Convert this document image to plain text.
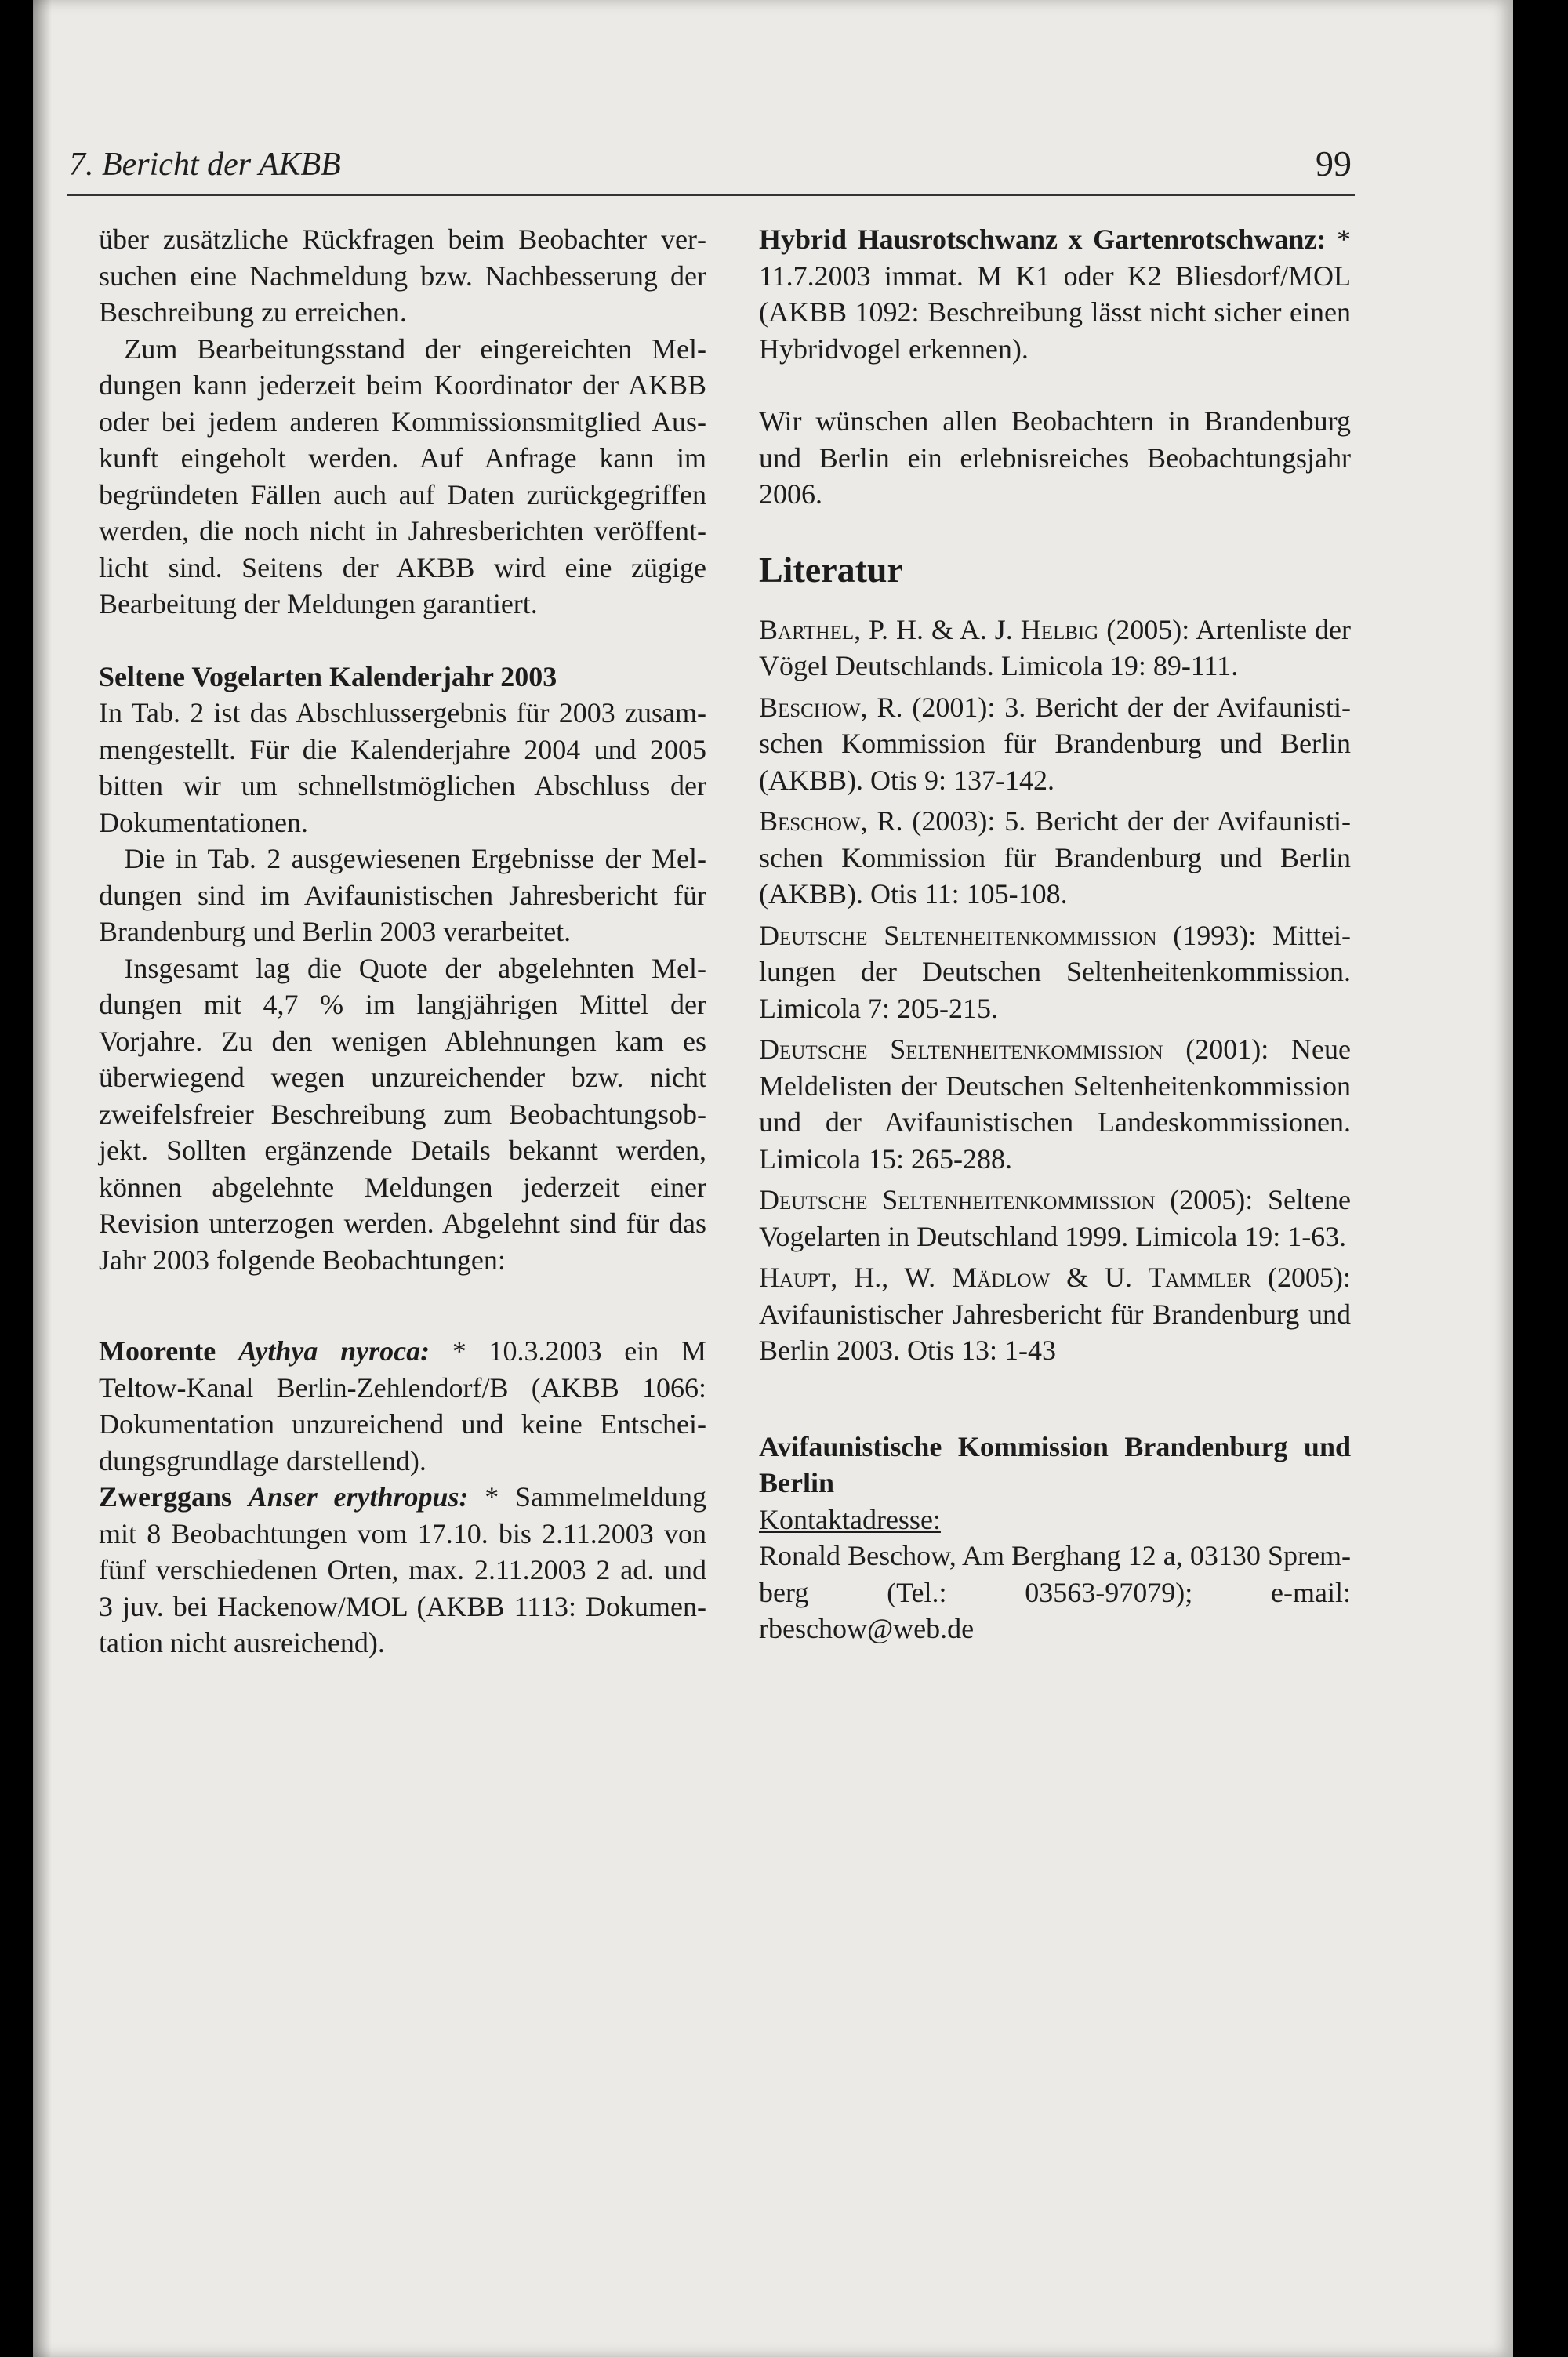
7. Bericht der AKBB	99

über zusätzliche Rückfragen beim Beobachter versuchen eine Nachmeldung bzw. Nachbesserung der Beschreibung zu erreichen.

Zum Bearbeitungsstand der eingereichten Meldungen kann jederzeit beim Koordinator der AKBB oder bei jedem anderen Kommissionsmitglied Auskunft eingeholt werden. Auf Anfrage kann im begründeten Fällen auch auf Daten zurückgegriffen werden, die noch nicht in Jahresberichten veröffentlicht sind. Seitens der AKBB wird eine zügige Bearbeitung der Meldungen garantiert.

Seltene Vogelarten Kalenderjahr 2003

In Tab. 2 ist das Abschlussergebnis für 2003 zusammengestellt. Für die Kalenderjahre 2004 und 2005 bitten wir um schnellstmöglichen Abschluss der Dokumentationen.

Die in Tab. 2 ausgewiesenen Ergebnisse der Meldungen sind im Avifaunistischen Jahresbericht für Brandenburg und Berlin 2003 verarbeitet.

Insgesamt lag die Quote der abgelehnten Meldungen mit 4,7 % im langjährigen Mittel der Vorjahre. Zu den wenigen Ablehnungen kam es überwiegend wegen unzureichender bzw. nicht zweifelsfreier Beschreibung zum Beobachtungsobjekt. Sollten ergänzende Details bekannt werden, können abgelehnte Meldungen jederzeit einer Revision unterzogen werden. Abgelehnt sind für das Jahr 2003 folgende Beobachtungen:

Moorente Aythya nyroca: * 10.3.2003 ein M Teltow-Kanal Berlin-Zehlendorf/B (AKBB 1066: Dokumentation unzureichend und keine Entscheidungsgrundlage darstellend).

Zwerggans Anser erythropus: * Sammelmeldung mit 8 Beobachtungen vom 17.10. bis 2.11.2003 von fünf verschiedenen Orten, max. 2.11.2003 2 ad. und 3 juv. bei Hackenow/MOL (AKBB 1113: Dokumentation nicht ausreichend).

Hybrid Hausrotschwanz x Gartenrotschwanz: * 11.7.2003 immat. M K1 oder K2 Bliesdorf/MOL (AKBB 1092: Beschreibung lässt nicht sicher einen Hybridvogel erkennen).

Wir wünschen allen Beobachtern in Brandenburg und Berlin ein erlebnisreiches Beobachtungsjahr 2006.

Literatur

Barthel, P. H. & A. J. Helbig (2005): Artenliste der Vögel Deutschlands. Limicola 19: 89-111.

Beschow, R. (2001): 3. Bericht der der Avifaunistischen Kommission für Brandenburg und Berlin (AKBB). Otis 9: 137-142.

Beschow, R. (2003): 5. Bericht der der Avifaunistischen Kommission für Brandenburg und Berlin (AKBB). Otis 11: 105-108.

Deutsche Seltenheitenkommission (1993): Mitteilungen der Deutschen Seltenheitenkommission. Limicola 7: 205-215.

Deutsche Seltenheitenkommission (2001): Neue Meldelisten der Deutschen Seltenheitenkommission und der Avifaunistischen Landeskommissionen. Limicola 15: 265-288.

Deutsche Seltenheitenkommission (2005): Seltene Vogelarten in Deutschland 1999. Limicola 19: 1-63.

Haupt, H., W. Mädlow & U. Tammler (2005): Avifaunistischer Jahresbericht für Brandenburg und Berlin 2003. Otis 13: 1-43

Avifaunistische Kommission Brandenburg und Berlin

Kontaktadresse:

Ronald Beschow, Am Berghang 12 a, 03130 Spremberg (Tel.: 03563-97079); e-mail: rbeschow@web.de
